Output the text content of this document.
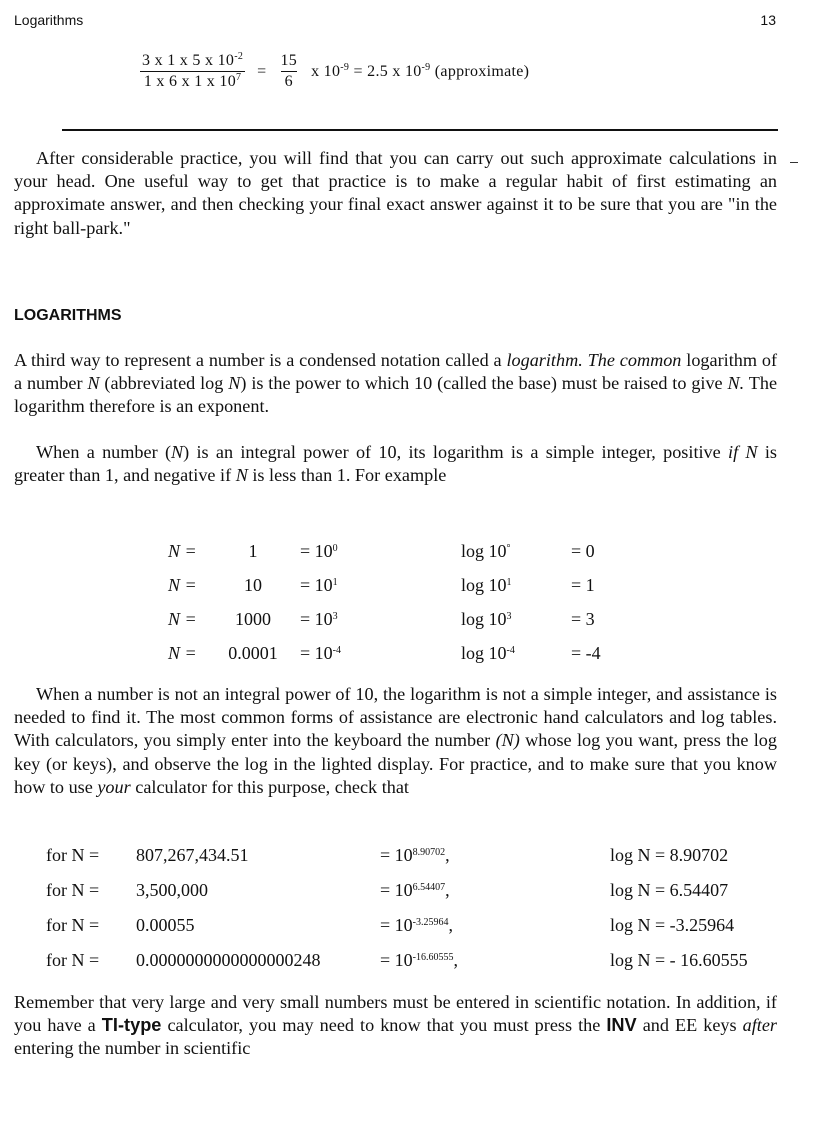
Logarithms	13
$\frac{3 x 1 x 5 x 10^{-2}}{1 x 6 x 1 x 10^7} = \frac{15}{6}$ x $10^{-9} = 2.5$ x $10^{-9}$ (approximate)

After considerable practice, you will find that you can carry out such approximate calculations in your head. One useful way to get that practice is to make a regular habit of first estimating an approximate answer, and then checking your final exact answer against it to be sure that you are "in the right ball-park."

LOGARITHMS

A third way to represent a number is a condensed notation called a logarithm. The common logarithm of a number N (abbreviated log N) is the power to which 10 (called the base) must be raised to give N. The logarithm therefore is an exponent.

When a number (N) is an integral power of 10, its logarithm is a simple integer, positive if N is greater than 1, and negative if N is less than 1. For example

N =	1	= $10^0$	log 10°	= 0
N =	10	= $10^1$	$\log 10^1$	= 1
N =	1000	= $10^3$	$\log 10^3$	= 3
N =	0.0001	= $10^{-4}$	$\log 10^{-4}$	= -4

When a number is not an integral power of 10, the logarithm is not a simple integer, and assistance is needed to find it. The most common forms of assistance are electronic hand calculators and log tables. With calculators, you simply enter into the keyboard the number (N) whose log you want, press the log key (or keys), and observe the log in the lighted display. For practice, and to make sure that you know how to use your calculator for this purpose, check that

for N =	807,267,434.51	= $10^{8.90702}$,	log N = 8.90702
for N =	3,500,000	= $10^{6.54407}$,	log N = 6.54407
for N =	0.00055	= $10^{-3.25964}$,	log N = -3.25964
for N =	0.0000000000000000248	= $10^{-16.60555}$,	log N = - 16.60555

Remember that very large and very small numbers must be entered in scientific notation. In addition, if you have a TI-type calculator, you may need to know that you must press the INV and EE keys after entering the number in scientific
